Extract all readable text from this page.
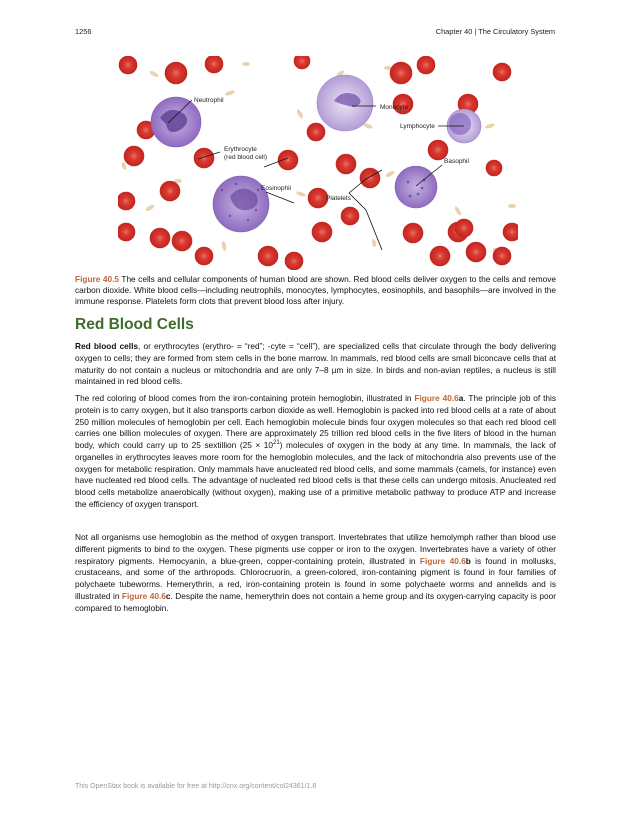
1256	Chapter 40 | The Circulatory System
Neutrophil
Monocyte
Lymphocyte
Erythrocyte
(red blood cell)
Basophil
Eosinophil
Platelets
Figure 40.5 The cells and cellular components of human blood are shown. Red blood cells deliver oxygen to the cells and remove carbon dioxide. White blood cells—including neutrophils, monocytes, lymphocytes, eosinophils, and basophils—are involved in the immune response. Platelets form clots that prevent blood loss after injury.
Red Blood Cells

Red blood cells, or erythrocytes (erythro- = “red”; -cyte = “cell”), are specialized cells that circulate through the body delivering oxygen to cells; they are formed from stem cells in the bone marrow. In mammals, red blood cells are small biconcave cells that at maturity do not contain a nucleus or mitochondria and are only 7–8 µm in size. In birds and non-avian reptiles, a nucleus is still maintained in red blood cells.

The red coloring of blood comes from the iron-containing protein hemoglobin, illustrated in Figure 40.6a. The principle job of this protein is to carry oxygen, but it also transports carbon dioxide as well. Hemoglobin is packed into red blood cells at a rate of about 250 million molecules of hemoglobin per cell. Each hemoglobin molecule binds four oxygen molecules so that each red blood cell carries one billion molecules of oxygen. There are approximately 25 trillion red blood cells in the five liters of blood in the human body, which could carry up to 25 sextillion $(25 \times 10^{21})$ molecules of oxygen in the body at any time. In mammals, the lack of organelles in erythrocytes leaves more room for the hemoglobin molecules, and the lack of mitochondria also prevents use of the oxygen for metabolic respiration. Only mammals have anucleated red blood cells, and some mammals (camels, for instance) even have nucleated red blood cells. The advantage of nucleated red blood cells is that these cells can undergo mitosis. Anucleated red blood cells metabolize anaerobically (without oxygen), making use of a primitive metabolic pathway to produce ATP and increase the efficiency of oxygen transport.

Not all organisms use hemoglobin as the method of oxygen transport. Invertebrates that utilize hemolymph rather than blood use different pigments to bind to the oxygen. These pigments use copper or iron to the oxygen. Invertebrates have a variety of other respiratory pigments. Hemocyanin, a blue-green, copper-containing protein, illustrated in Figure 40.6b is found in mollusks, crustaceans, and some of the arthropods. Chlorocruorin, a green-colored, iron-containing pigment is found in four families of polychaete tubeworms. Hemerythrin, a red, iron-containing protein is found in some polychaete worms and annelids and is illustrated in Figure 40.6c. Despite the name, hemerythrin does not contain a heme group and its oxygen-carrying capacity is poor compared to hemoglobin.

This OpenStax book is available for free at http://cnx.org/content/col24361/1.8
